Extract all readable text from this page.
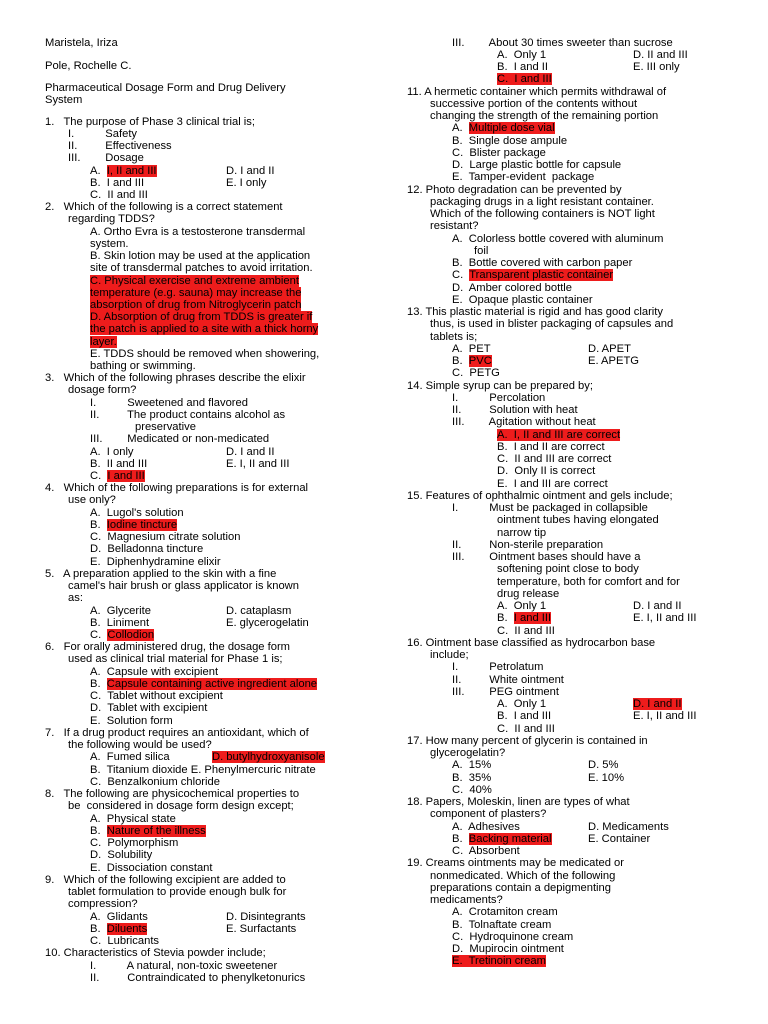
Maristela, Iriza
Pole, Rochelle C.
Pharmaceutical Dosage Form and Drug Delivery
System
1.   The purpose of Phase 3 clinical trial is;
I.          Safety
II.         Effectiveness
III.        Dosage
A.  I, II and III	D. I and II
B.  I and III	E. I only
C.  II and III
2.   Which of the following is a correct statement
regarding TDDS?
A. Ortho Evra is a testosterone transdermal
system.
B. Skin lotion may be used at the application
site of transdermal patches to avoid irritation.
C. Physical exercise and extreme ambient
temperature (e.g. sauna) may increase the
absorption of drug from Nitroglycerin patch
D. Absorption of drug from TDDS is greater if
the patch is applied to a site with a thick horny
layer.
E. TDDS should be removed when showering,
bathing or swimming.
3.   Which of the following phrases describe the elixir
dosage form?
I.          Sweetened and flavored
II.         The product contains alcohol as
preservative
III.        Medicated or non-medicated
A.  I only	D. I and II
B.  II and III	E. I, II and III
C.  I and III
4.   Which of the following preparations is for external
use only?
A.  Lugol's solution
B.  Iodine tincture
C.  Magnesium citrate solution
D.  Belladonna tincture
E.  Diphenhydramine elixir
5.   A preparation applied to the skin with a fine
camel's hair brush or glass applicator is known
as:
A.  Glycerite	D. cataplasm
B.  Liniment	E. glycerogelatin
C.  Collodion
6.   For orally administered drug, the dosage form
used as clinical trial material for Phase 1 is;
A.  Capsule with excipient
B.  Capsule containing active ingredient alone
C.  Tablet without excipient
D.  Tablet with excipient
E.  Solution form
7.   If a drug product requires an antioxidant, which of
the following would be used?
A.  Fumed silica	D. butylhydroxyanisole
B.  Titanium dioxide E. Phenylmercuric nitrate
C.  Benzalkonium chloride
8.   The following are physicochemical properties to
be  considered in dosage form design except;
A.  Physical state
B.  Nature of the illness
C.  Polymorphism
D.  Solubility
E.  Dissociation constant
9.   Which of the following excipient are added to
tablet formulation to provide enough bulk for
compression?
A.  Glidants	D. Disintegrants
B.  Diluents	E. Surfactants
C.  Lubricants
10. Characteristics of Stevia powder include;
I.          A natural, non-toxic sweetener
II.         Contraindicated to phenylketonurics
III.        About 30 times sweeter than sucrose
A.  Only 1	D. II and III
B.  I and II	E. III only
C.  I and III
11. A hermetic container which permits withdrawal of
successive portion of the contents without
changing the strength of the remaining portion
A.  Multiple dose vial
B.  Single dose ampule
C.  Blister package
D.  Large plastic bottle for capsule
E.  Tamper-evident  package
12. Photo degradation can be prevented by
packaging drugs in a light resistant container.
Which of the following containers is NOT light
resistant?
A.  Colorless bottle covered with aluminum
foil
B.  Bottle covered with carbon paper
C.  Transparent plastic container
D.  Amber colored bottle
E.  Opaque plastic container
13. This plastic material is rigid and has good clarity
thus, is used in blister packaging of capsules and
tablets is;
A.  PET	D. APET
B.  PVC	E. APETG
C.  PETG
14. Simple syrup can be prepared by;
I.          Percolation
II.         Solution with heat
III.        Agitation without heat
A.  I, II and III are correct
B.  I and II are correct
C.  II and III are correct
D.  Only II is correct
E.  I and III are correct
15. Features of ophthalmic ointment and gels include;
I.          Must be packaged in collapsible
ointment tubes having elongated
narrow tip
II.         Non-sterile preparation
III.        Ointment bases should have a
softening point close to body
temperature, both for comfort and for
drug release
A.  Only 1	D. I and II
B.  I and III	E. I, II and III
C.  II and III
16. Ointment base classified as hydrocarbon base
include;
I.          Petrolatum
II.         White ointment
III.        PEG ointment
A.  Only 1	D. I and II
B.  I and III	E. I, II and III
C.  II and III
17. How many percent of glycerin is contained in
glycerogelatin?
A.  15%	D. 5%
B.  35%	E. 10%
C.  40%
18. Papers, Moleskin, linen are types of what
component of plasters?
A.  Adhesives	D. Medicaments
B.  Backing material	E. Container
C.  Absorbent
19. Creams ointments may be medicated or
nonmedicated. Which of the following
preparations contain a depigmenting
medicaments?
A.  Crotamiton cream
B.  Tolnaftate cream
C.  Hydroquinone cream
D.  Mupirocin ointment
E.  Tretinoin cream
